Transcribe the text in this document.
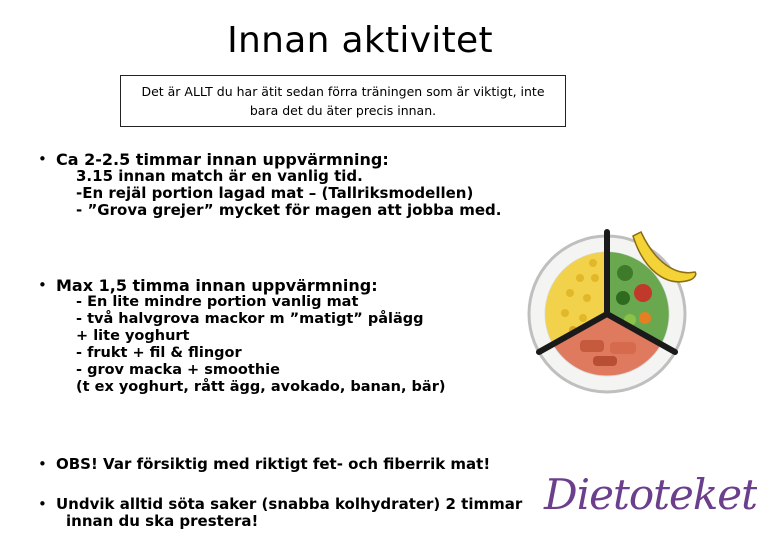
Innan aktivitet
Det är ALLT du har ätit sedan förra träningen som är viktigt, inte
bara det du äter precis innan.
• Ca 2-2.5 timmar innan uppvärmning:
3.15 innan match är en vanlig tid.
-En rejäl portion lagad mat – (Tallriksmodellen)
- ”Grova grejer” mycket för magen att jobba med.
• Max 1,5 timma innan uppvärmning:
- En lite mindre portion vanlig mat
- två halvgrova mackor m ”matigt” pålägg
+ lite yoghurt
- frukt + fil & flingor
- grov macka + smoothie
(t ex yoghurt, rått ägg, avokado, banan, bär)
• OBS! Var försiktig med riktigt fet- och fiberrik mat!
• Undvik alltid söta saker (snabba kolhydrater) 2 timmar
innan du ska prestera!
Dietoteket
